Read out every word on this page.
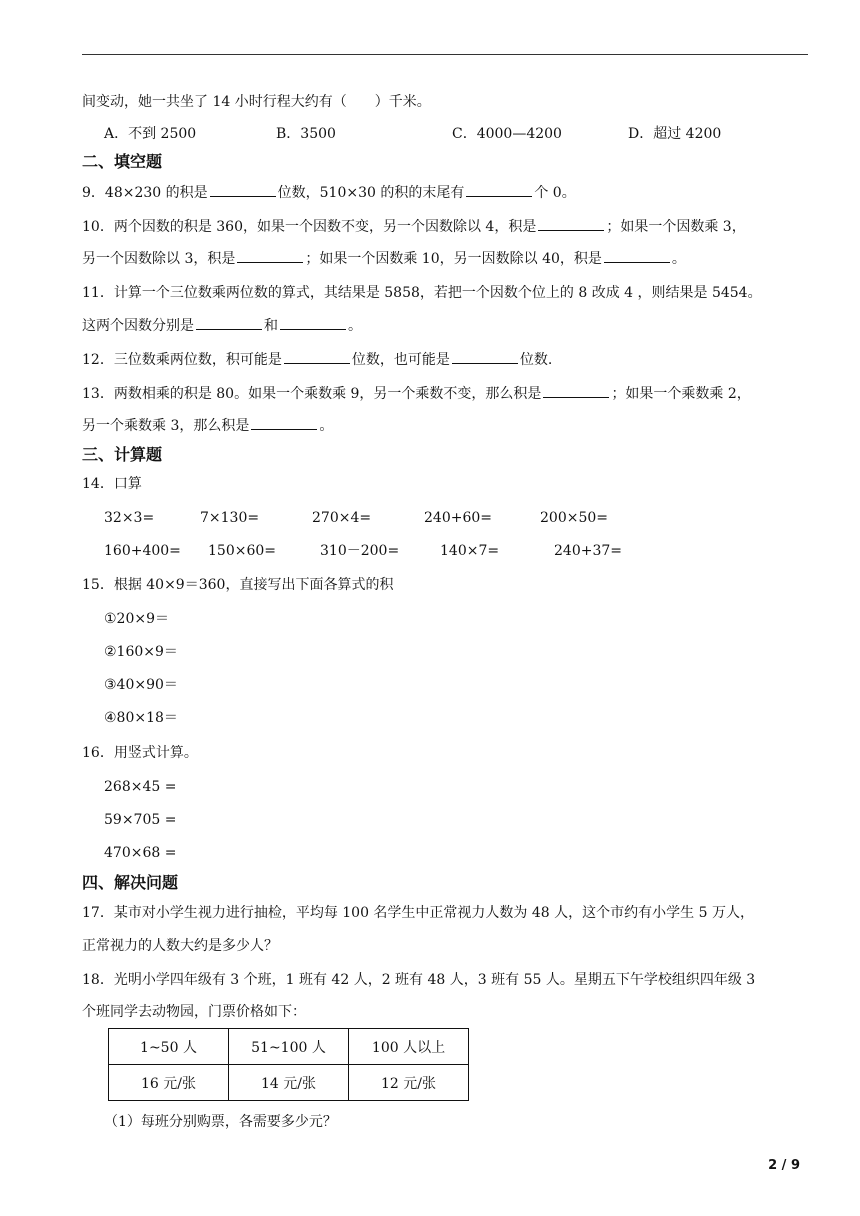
间变动，她一共坐了 14 小时行程大约有（　　）千米。
A．不到 2500	B．3500	C．4000—4200	D．超过 4200
二、填空题
9．48×230 的积是	位数，510×30 的积的末尾有	个 0。
10．两个因数的积是 360，如果一个因数不变，另一个因数除以 4，积是	；如果一个因数乘 3，
另一个因数除以 3，积是	；如果一个因数乘 10，另一因数除以 40，积是	。
11．计算一个三位数乘两位数的算式，其结果是 5858，若把一个因数个位上的 8 改成 4 ，则结果是 5454。
这两个因数分别是	和	。
12．三位数乘两位数，积可能是	位数，也可能是	位数.
13．两数相乘的积是 80。如果一个乘数乘 9，另一个乘数不变，那么积是	；如果一个乘数乘 2，
另一个乘数乘 3，那么积是	。
三、计算题
14．口算
32×3=	7×130=	270×4=	240+60=	200×50=
160+400= 150×60=	310－200=	140×7=	240+37=
15．根据 40×9＝360，直接写出下面各算式的积
①20×9＝
②160×9＝
③40×90＝
④80×18＝
16．用竖式计算。
268×45 =
59×705 =
470×68 =
四、解决问题
17．某市对小学生视力进行抽检，平均每 100 名学生中正常视力人数为 48 人，这个市约有小学生 5 万人，
正常视力的人数大约是多少人？
18．光明小学四年级有 3 个班，1 班有 42 人，2 班有 48 人，3 班有 55 人。星期五下午学校组织四年级 3
个班同学去动物园，门票价格如下：
1~50 人	51~100 人	100 人以上
16 元/张	14 元/张	12 元/张
（1）每班分别购票，各需要多少元？
2 / 9
